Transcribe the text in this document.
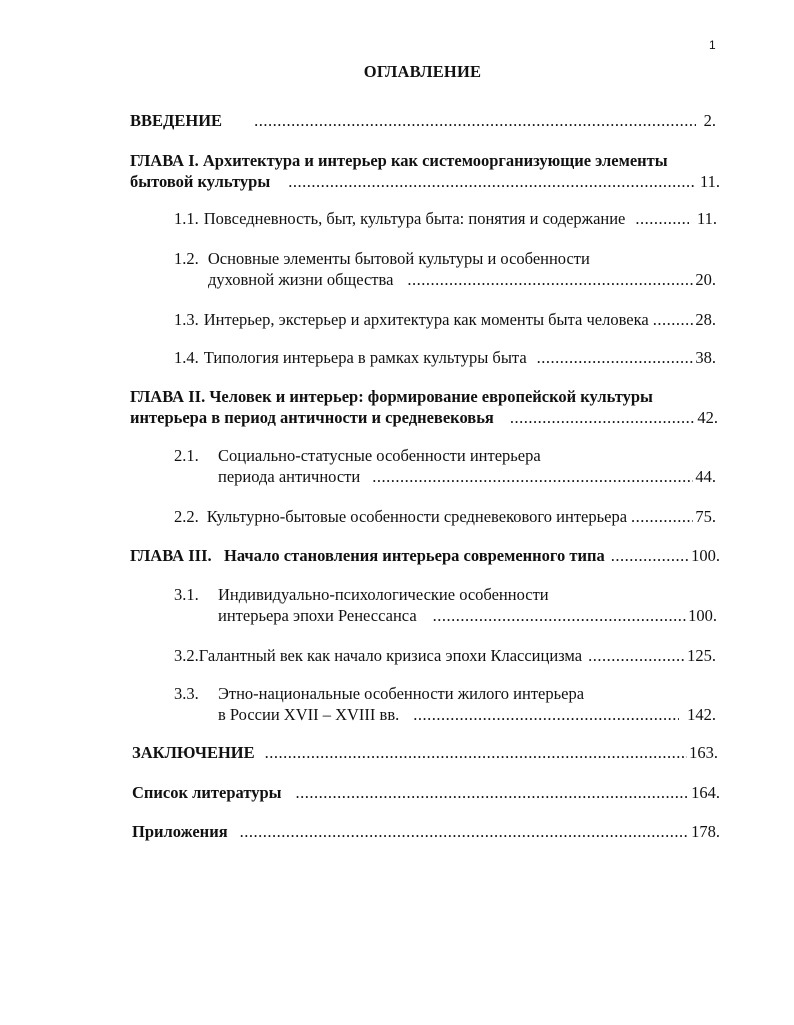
1
ОГЛАВЛЕНИЕ
ВВЕДЕНИЕ .....	2.
ГЛАВА I. Архитектура и интерьер как системоорганизующие элементы
бытовой культуры .....	11.
1.1. Повседневность, быт, культура быта: понятия и содержание .....	11.
1.2. Основные элементы бытовой культуры и особенности
духовной жизни общества .....	20.
1.3. Интерьер, экстерьер и архитектура как моменты быта человека .....	28.
1.4. Типология интерьера в рамках культуры быта .....	38.
ГЛАВА II. Человек и интерьер: формирование европейской культуры
интерьера в период античности и средневековья .....	42.
2.1. Социально-статусные особенности интерьера
периода античности .....	44.
2.2. Культурно-бытовые особенности средневекового интерьера .....	75.
ГЛАВА III.   Начало становления интерьера современного типа .....	100.
3.1. Индивидуально-психологические особенности
интерьера эпохи Ренессанса .....	100.
3.2. Галантный век как начало кризиса эпохи Классицизма .....	125.
3.3. Этно-национальные особенности жилого интерьера
в России XVII – XVIII вв. .....	142.
ЗАКЛЮЧЕНИЕ .....	163.
Список литературы .....	164.
Приложения .....	178.
